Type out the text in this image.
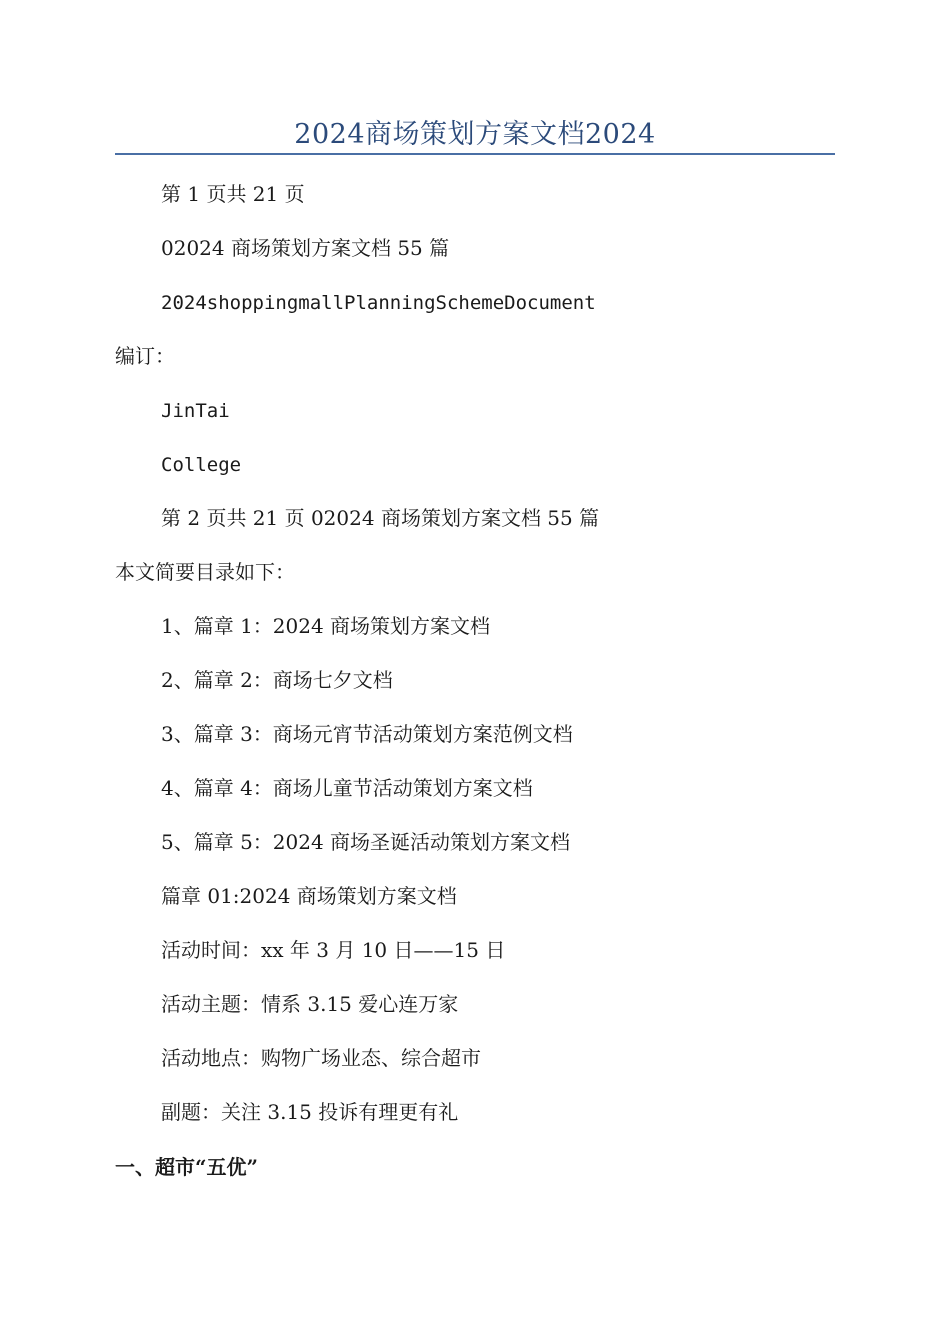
2024商场策划方案文档2024
第 1 页共 21 页
02024 商场策划方案文档 55 篇
2024shoppingmallPlanningSchemeDocument
编订：
JinTai
College
第 2 页共 21 页 02024 商场策划方案文档 55 篇
本文简要目录如下：
1、篇章 1：2024 商场策划方案文档
2、篇章 2：商场七夕文档
3、篇章 3：商场元宵节活动策划方案范例文档
4、篇章 4：商场儿童节活动策划方案文档
5、篇章 5：2024 商场圣诞活动策划方案文档
篇章 01:2024 商场策划方案文档
活动时间：xx 年 3 月 10 日——15 日
活动主题：情系 3.15 爱心连万家
活动地点：购物广场业态、综合超市
副题：关注 3.15 投诉有理更有礼
一、超市“五优”
